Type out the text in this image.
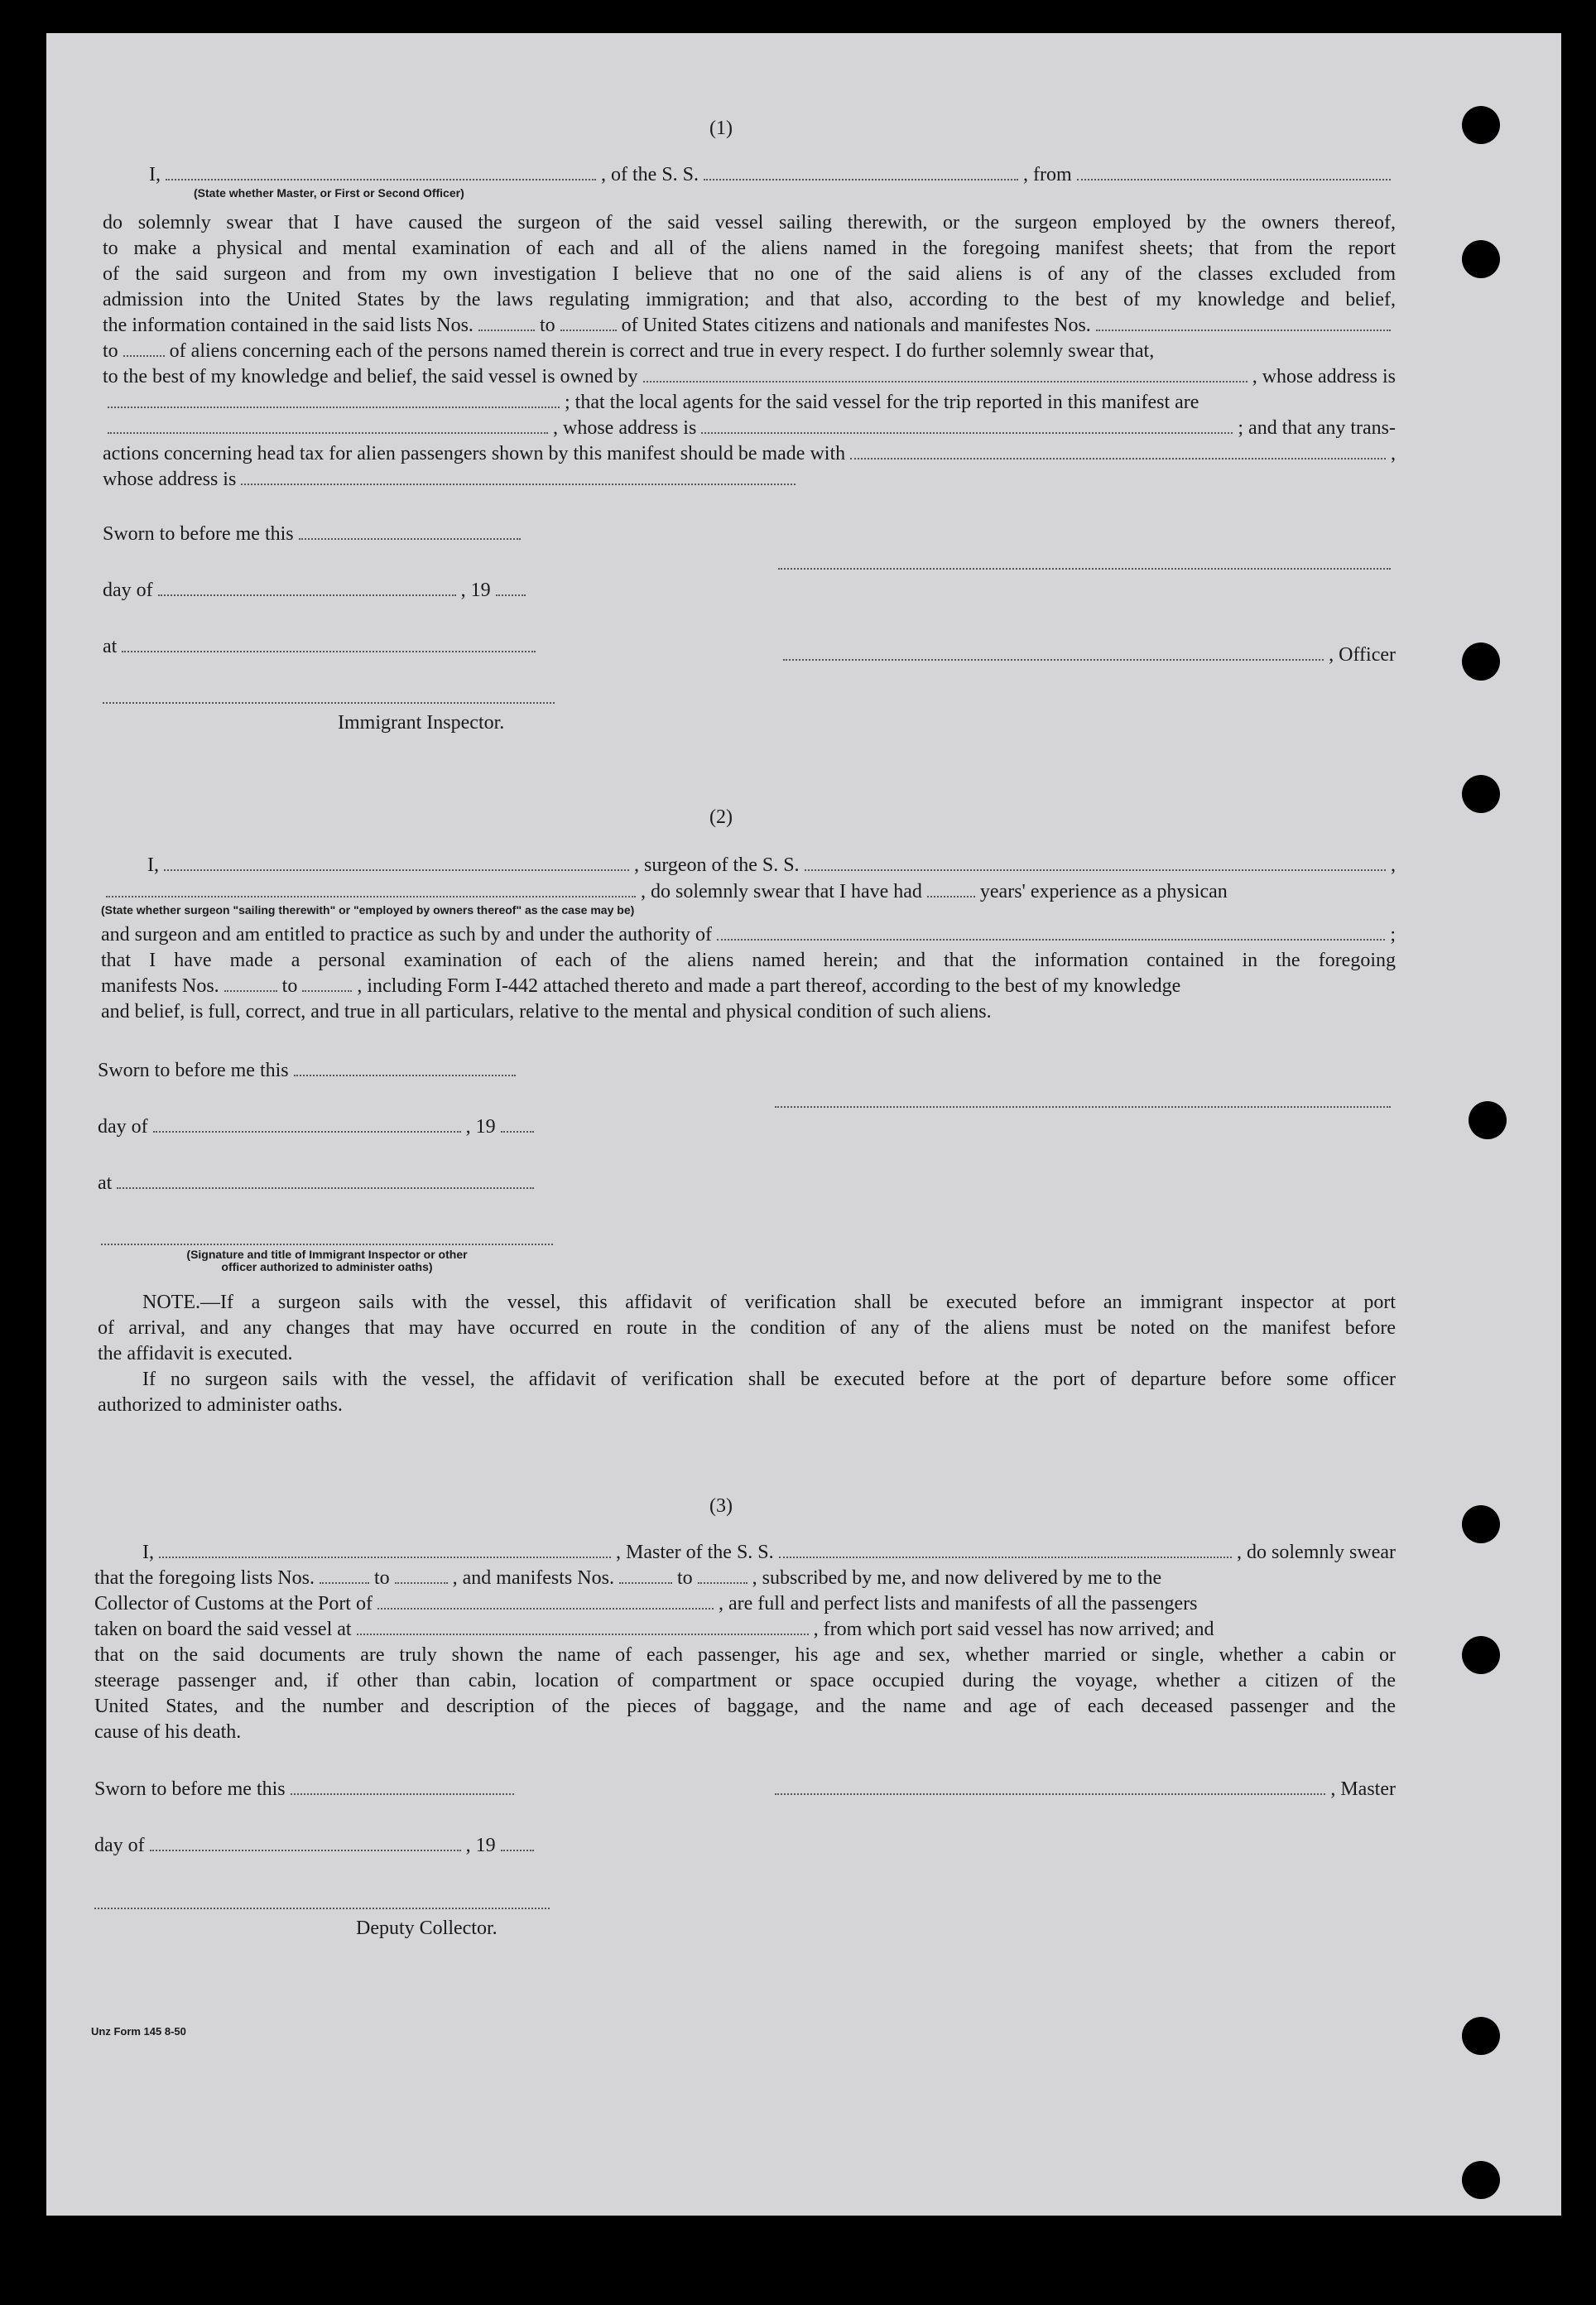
(1)
I,	, of the S. S.	, from
(State whether Master, or First or Second Officer)
do solemnly swear that I have caused the surgeon of the said vessel sailing therewith, or the surgeon employed by the owners thereof,
to make a physical and mental examination of each and all of the aliens named in the foregoing manifest sheets; that from the report
of the said surgeon and from my own investigation I believe that no one of the said aliens is of any of the classes excluded from
admission into the United States by the laws regulating immigration; and that also, according to the best of my knowledge and belief,
the information contained in the said lists Nos.	to	of United States citizens and nationals and manifestes Nos.
to	of aliens concerning each of the persons named therein is correct and true in every respect. I do further solemnly swear that,
to the best of my knowledge and belief, the said vessel is owned by	, whose address is
; that the local agents for the said vessel for the trip reported in this manifest are
, whose address is	; and that any trans-
actions concerning head tax for alien passengers shown by this manifest should be made with	,
whose address is
Sworn to before me this
day of	, 19
at	, Officer
Immigrant Inspector.
(2)
I,	, surgeon of the S. S.	,
, do solemnly swear that I have had	years' experience as a physican
(State whether surgeon "sailing therewith" or "employed by owners thereof" as the case may be)
and surgeon and am entitled to practice as such by and under the authority of	;
that I have made a personal examination of each of the aliens named herein; and that the information contained in the foregoing
manifests Nos.	to	, including Form I-442 attached thereto and made a part thereof, according to the best of my knowledge
and belief, is full, correct, and true in all particulars, relative to the mental and physical condition of such aliens.
Sworn to before me this
day of	, 19
at
(Signature and title of Immigrant Inspector or other
officer authorized to administer oaths)
NOTE.—If a surgeon sails with the vessel, this affidavit of verification shall be executed before an immigrant inspector at port
of arrival, and any changes that may have occurred en route in the condition of any of the aliens must be noted on the manifest before
the affidavit is executed.
If no surgeon sails with the vessel, the affidavit of verification shall be executed before at the port of departure before some officer
authorized to administer oaths.
(3)
I,	, Master of the S. S.	, do solemnly swear
that the foregoing lists Nos.	to	, and manifests Nos.	to	, subscribed by me, and now delivered by me to the
Collector of Customs at the Port of	, are full and perfect lists and manifests of all the passengers
taken on board the said vessel at	, from which port said vessel has now arrived; and
that on the said documents are truly shown the name of each passenger, his age and sex, whether married or single, whether a cabin or
steerage passenger and, if other than cabin, location of compartment or space occupied during the voyage, whether a citizen of the
United States, and the number and description of the pieces of baggage, and the name and age of each deceased passenger and the
cause of his death.
Sworn to before me this	, Master
day of	, 19
Deputy Collector.
Unz Form 145 8-50
